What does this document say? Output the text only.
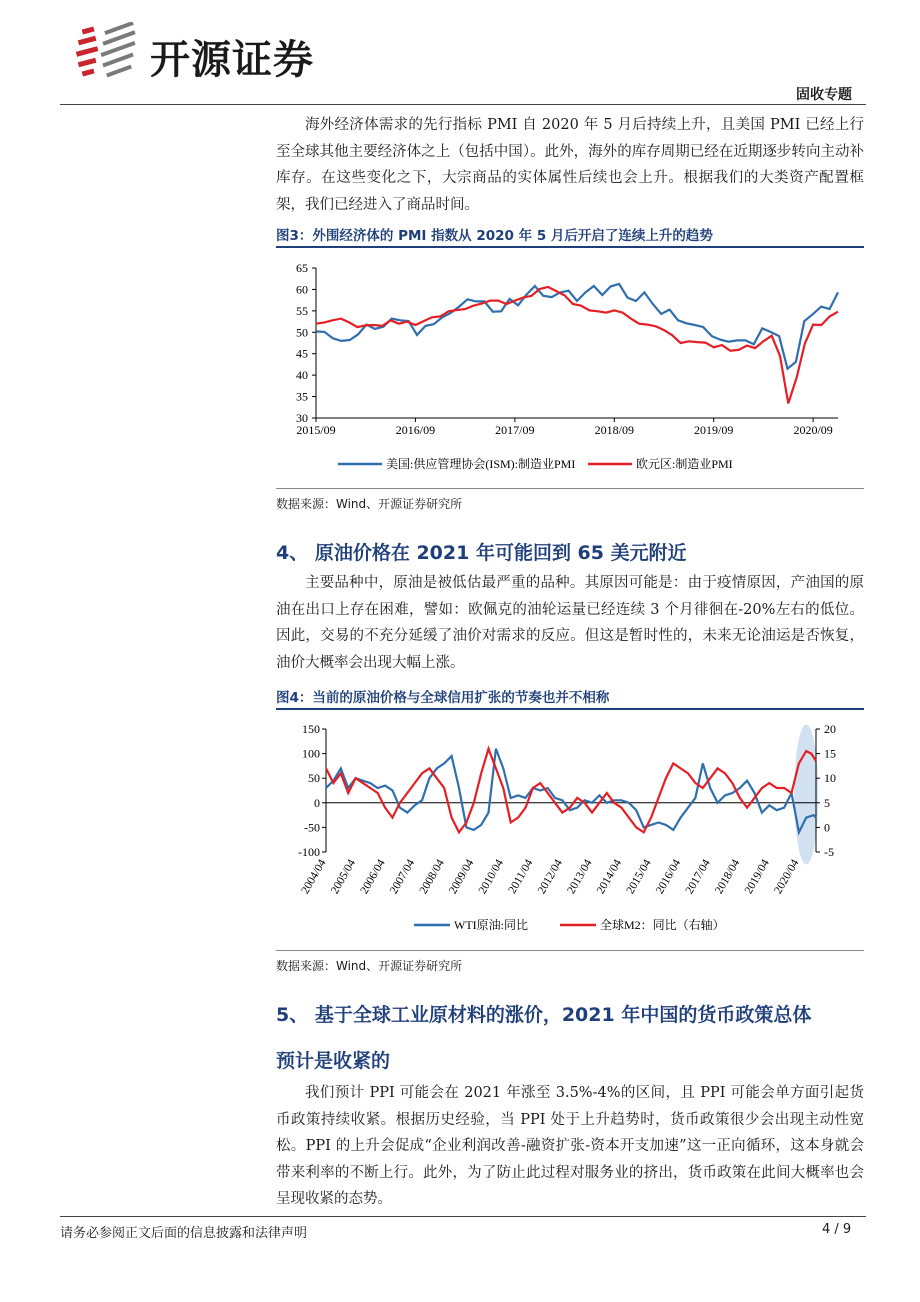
开源证券
固收专题

海外经济体需求的先行指标 PMI 自 2020 年 5 月后持续上升，且美国 PMI 已经上行至全球其他主要经济体之上（包括中国）。此外，海外的库存周期已经在近期逐步转向主动补库存。在这些变化之下，大宗商品的实体属性后续也会上升。根据我们的大类资产配置框架，我们已经进入了商品时间。

图3：外围经济体的 PMI 指数从 2020 年 5 月后开启了连续上升的趋势
30
35
40
45
50
55
60
65
2015/09	2016/09	2017/09	2018/09	2019/09	2020/09
美国:供应管理协会(ISM):制造业PMI	欧元区:制造业PMI
数据来源：Wind、开源证券研究所
4、 原油价格在 2021 年可能回到 65 美元附近

主要品种中，原油是被低估最严重的品种。其原因可能是：由于疫情原因，产油国的原油在出口上存在困难，譬如：欧佩克的油轮运量已经连续 3 个月徘徊在-20%左右的低位。因此，交易的不充分延缓了油价对需求的反应。但这是暂时性的，未来无论油运是否恢复，油价大概率会出现大幅上涨。

图4：当前的原油价格与全球信用扩张的节奏也并不相称
-100
-50
0
50
100
150
-5
0
5
10
15
20
2004/04 2005/04 2006/04 2007/04 2008/04 2009/04 2010/04 2011/04 2012/04 2013/04 2014/04 2015/04 2016/04 2017/04 2018/04 2019/04 2020/04
WTI原油:同比	全球M2：同比（右轴）
数据来源：Wind、开源证券研究所
5、 基于全球工业原材料的涨价，2021 年中国的货币政策总体
预计是收紧的

我们预计 PPI 可能会在 2021 年涨至 3.5%-4%的区间，且 PPI 可能会单方面引起货币政策持续收紧。根据历史经验，当 PPI 处于上升趋势时，货币政策很少会出现主动性宽松。PPI 的上升会促成“企业利润改善-融资扩张-资本开支加速”这一正向循环，这本身就会带来利率的不断上行。此外，为了防止此过程对服务业的挤出，货币政策在此间大概率也会呈现收紧的态势。

请务必参阅正文后面的信息披露和法律声明	4 / 9
